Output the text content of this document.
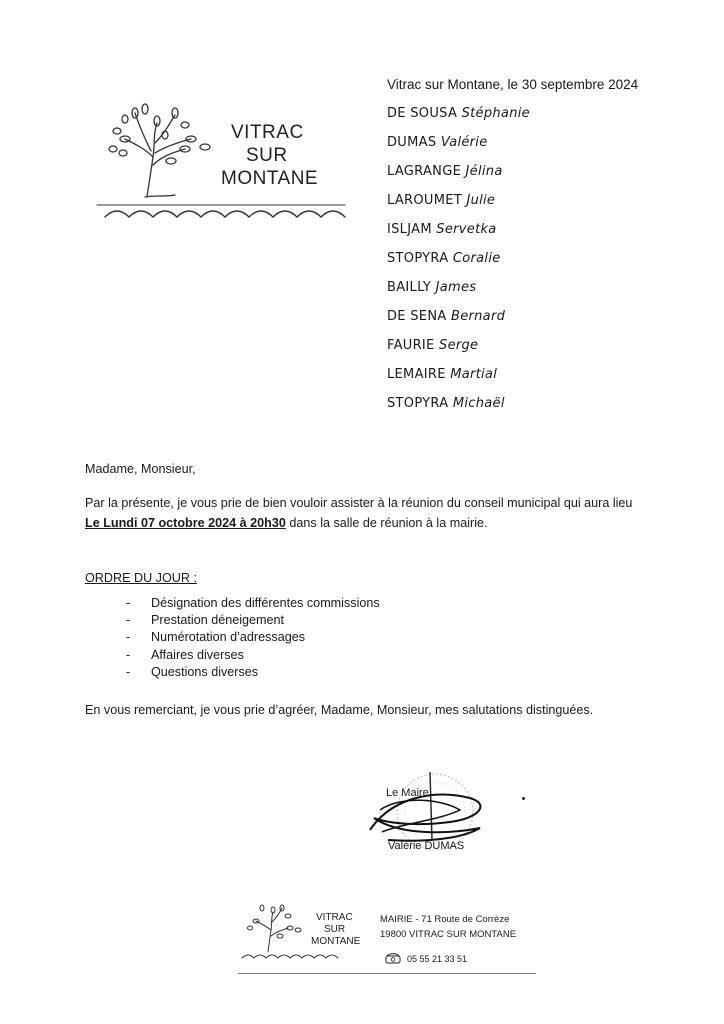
VITRAC
SUR
MONTANE
Vitrac sur Montane, le 30 septembre 2024
DE SOUSA Stéphanie
DUMAS Valérie
LAGRANGE Jélina
LAROUMET Julie
ISLJAM Servetka
STOPYRA Coralie
BAILLY James
DE SENA Bernard
FAURIE Serge
LEMAIRE Martial
STOPYRA Michaël
Madame, Monsieur,
Par la présente, je vous prie de bien vouloir assister à la réunion du conseil municipal qui aura lieu
Le Lundi 07 octobre 2024 à 20h30 dans la salle de réunion à la mairie.
ORDRE DU JOUR :
- Désignation des différentes commissions
- Prestation déneigement
- Numérotation d’adressages
- Affaires diverses
- Questions diverses
En vous remerciant, je vous prie d’agréer, Madame, Monsieur, mes salutations distinguées.
Le Maire,
Valérie DUMAS
VITRAC
SUR
MONTANE
MAIRIE - 71 Route de Corrèze
19800 VITRAC SUR MONTANE
05 55 21 33 51
